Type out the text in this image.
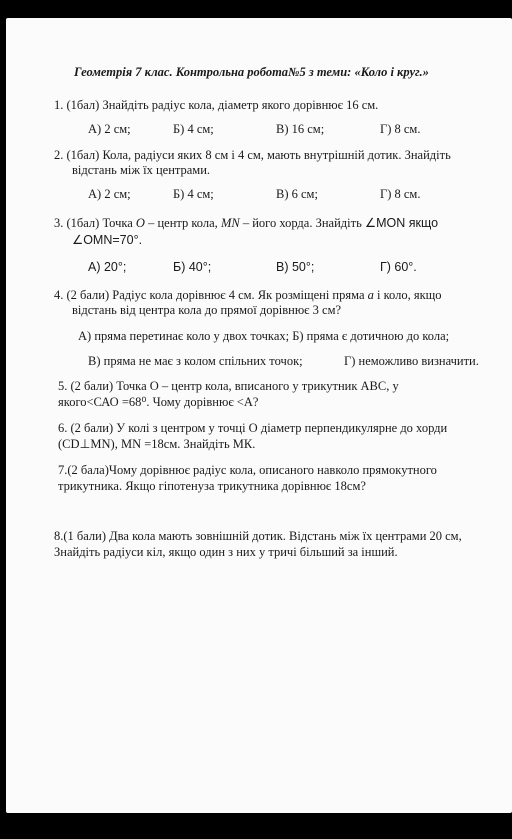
Геометрія 7 клас. Контрольна робота№5 з теми: «Коло і круг.»
1. (1бал) Знайдіть радіус кола, діаметр якого дорівнює 16 см.
А) 2 см;	Б) 4 см;	В) 16 см;	Г) 8 см.
2. (1бал) Кола, радіуси яких 8 см і 4 см, мають внутрішній дотик. Знайдіть
відстань між їх центрами.
А) 2 см;	Б) 4 см;	В) 6 см;	Г) 8 см.
3. (1бал) Точка O – центр кола, MN – його хорда. Знайдіть ∠MON якщо
∠OMN=70°.
А) 20°;	Б) 40°;	В) 50°;	Г) 60°.
4. (2 бали) Радіус кола дорівнює 4 см. Як розміщені пряма a і коло, якщо
відстань від центра кола до прямої дорівнює 3 см?
А) пряма перетинає коло у двох точках; Б) пряма є дотичною до кола;
В) пряма не має з колом спільних точок;	Г) неможливо визначити.
5. (2 бали) Точка О – центр кола, вписаного у трикутник АВС, у
якого<САО =68⁰. Чому дорівнює <А?
6. (2 бали) У колі з центром у точці О діаметр перпендикулярне до хорди
(CD⊥MN), MN =18см. Знайдіть МК.
7.(2 бала)Чому дорівнює радіус кола, описаного навколо прямокутного
трикутника. Якщо гіпотенуза трикутника дорівнює 18см?
8.(1 бали) Два кола мають зовнішній дотик. Відстань між їх центрами 20 см,
Знайдіть радіуси кіл, якщо один з них у тричі більший за інший.
